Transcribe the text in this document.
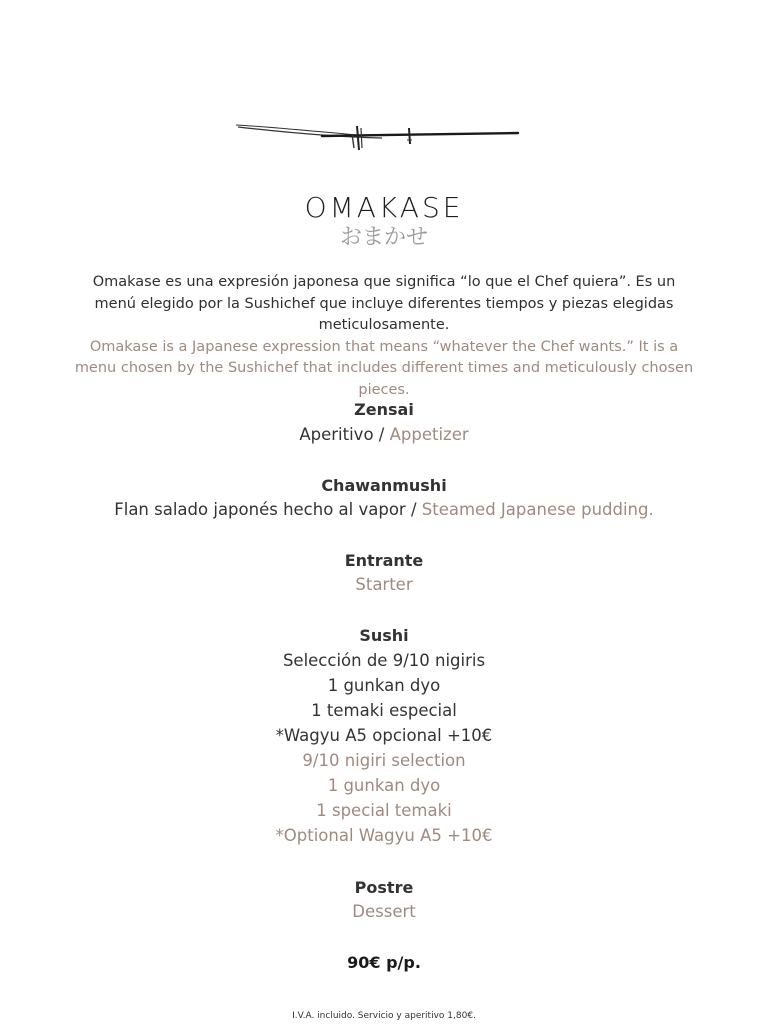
OMAKASE
おまかせ
Omakase es una expresión japonesa que significa “lo que el Chef quiera”. Es un menú elegido por la Sushichef que incluye diferentes tiempos y piezas elegidas meticulosamente.
Omakase is a Japanese expression that means “whatever the Chef wants.” It is a menu chosen by the Sushichef that includes different times and meticulously chosen pieces.
Zensai
Aperitivo / Appetizer
Chawanmushi
Flan salado japonés hecho al vapor / Steamed Japanese pudding.
Entrante
Starter
Sushi
Selección de 9/10 nigiris
1 gunkan dyo
1 temaki especial
*Wagyu A5 opcional +10€
9/10 nigiri selection
1 gunkan dyo
1 special temaki
*Optional Wagyu A5 +10€
Postre
Dessert
90€ p/p.
I.V.A. incluido. Servicio y aperitivo 1,80€.
